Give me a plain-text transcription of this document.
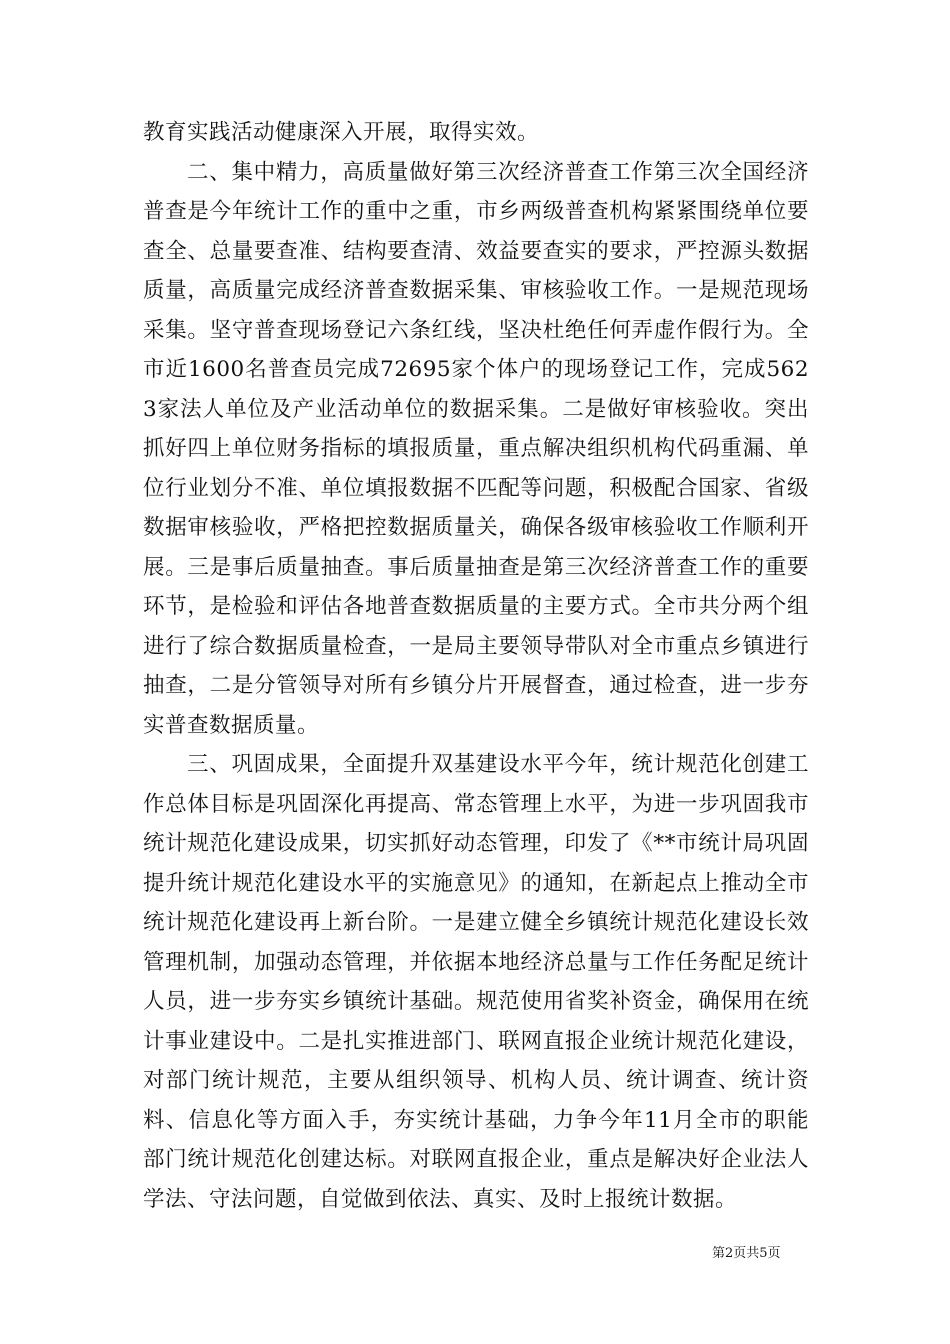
教育实践活动健康深入开展，取得实效。

二、集中精力，高质量做好第三次经济普查工作第三次全国经济普查是今年统计工作的重中之重，市乡两级普查机构紧紧围绕单位要查全、总量要查准、结构要查清、效益要查实的要求，严控源头数据质量，高质量完成经济普查数据采集、审核验收工作。一是规范现场采集。坚守普查现场登记六条红线，坚决杜绝任何弄虚作假行为。全市近1600名普查员完成72695家个体户的现场登记工作，完成5623家法人单位及产业活动单位的数据采集。二是做好审核验收。突出抓好四上单位财务指标的填报质量，重点解决组织机构代码重漏、单位行业划分不准、单位填报数据不匹配等问题，积极配合国家、省级数据审核验收，严格把控数据质量关，确保各级审核验收工作顺利开展。三是事后质量抽查。事后质量抽查是第三次经济普查工作的重要环节，是检验和评估各地普查数据质量的主要方式。全市共分两个组进行了综合数据质量检查，一是局主要领导带队对全市重点乡镇进行抽查，二是分管领导对所有乡镇分片开展督查，通过检查，进一步夯实普查数据质量。

三、巩固成果，全面提升双基建设水平今年，统计规范化创建工作总体目标是巩固深化再提高、常态管理上水平，为进一步巩固我市统计规范化建设成果，切实抓好动态管理，印发了《**市统计局巩固提升统计规范化建设水平的实施意见》的通知，在新起点上推动全市统计规范化建设再上新台阶。一是建立健全乡镇统计规范化建设长效管理机制，加强动态管理，并依据本地经济总量与工作任务配足统计人员，进一步夯实乡镇统计基础。规范使用省奖补资金，确保用在统计事业建设中。二是扎实推进部门、联网直报企业统计规范化建设，对部门统计规范，主要从组织领导、机构人员、统计调查、统计资料、信息化等方面入手，夯实统计基础，力争今年11月全市的职能部门统计规范化创建达标。对联网直报企业，重点是解决好企业法人学法、守法问题，自觉做到依法、真实、及时上报统计数据。

第2页共5页
